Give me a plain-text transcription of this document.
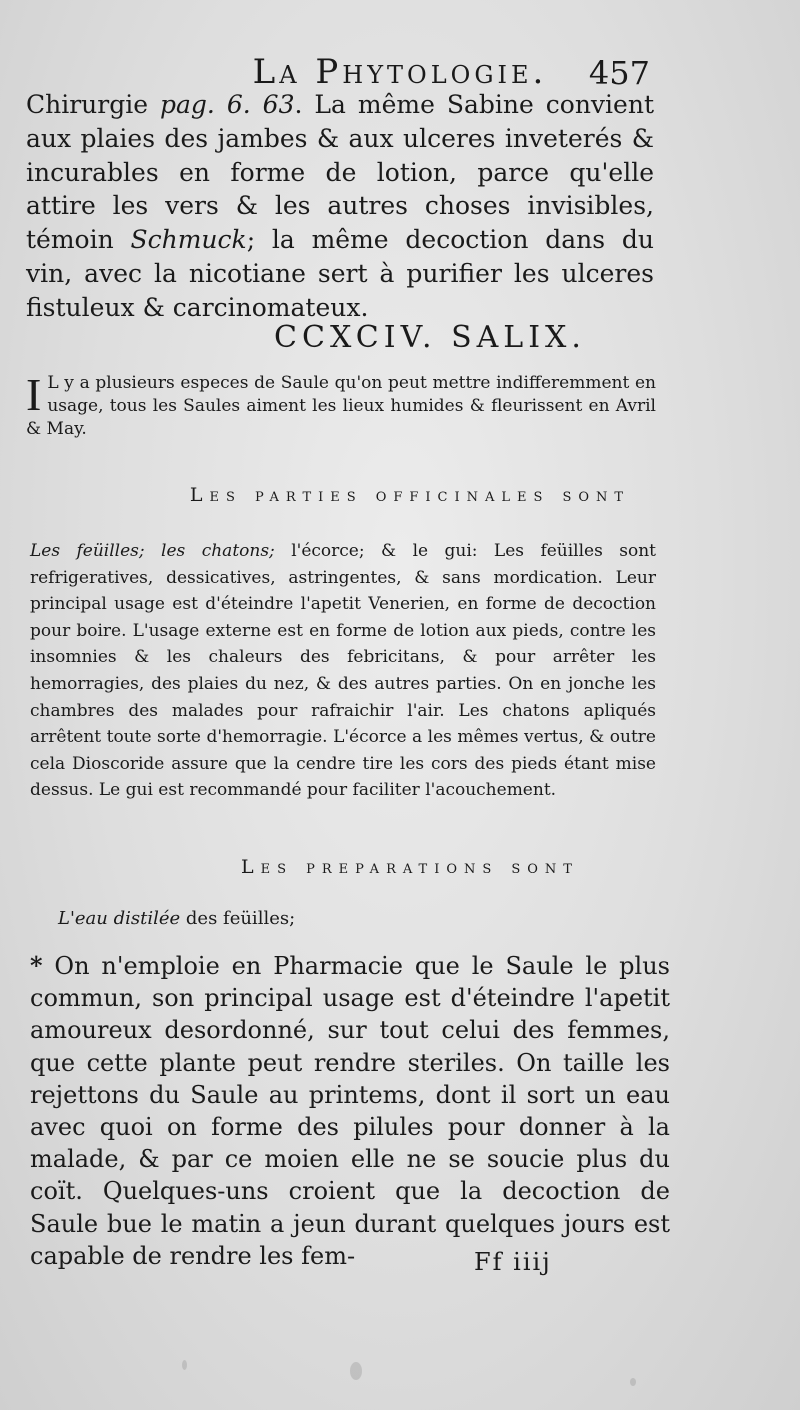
La Phytologie.	457

Chirurgie pag. 6. 63. La même Sabine convient aux plaies des jambes & aux ulceres inveterés & incurables en forme de lotion, parce qu'elle attire les vers & les autres choses invisibles, témoin Schmuck; la même decoction dans du vin, avec la nicotiane sert à purifier les ulceres fistuleux & carcinomateux.

CCXCIV. SALIX.

I L y a plusieurs especes de Saule qu'on peut mettre indifferemment en usage, tous les Saules aiment les lieux humides & fleurissent en Avril & May.

Les parties officinales sont

Les feüilles; les chatons; l'écorce; & le gui: Les feüilles sont refrigeratives, dessicatives, astringentes, & sans mordication. Leur principal usage est d'éteindre l'apetit Venerien, en forme de decoction pour boire. L'usage externe est en forme de lotion aux pieds, contre les insomnies & les chaleurs des febricitans, & pour arrêter les hemorragies, des plaies du nez, & des autres parties. On en jonche les chambres des malades pour rafraichir l'air. Les chatons apliqués arrêtent toute sorte d'hemorragie. L'écorce a les mêmes vertus, & outre cela Dioscoride assure que la cendre tire les cors des pieds étant mise dessus. Le gui est recommandé pour faciliter l'acouchement.

Les preparations sont
L'eau distilée des feüilles;

* On n'emploie en Pharmacie que le Saule le plus commun, son principal usage est d'éteindre l'apetit amoureux desordonné, sur tout celui des femmes, que cette plante peut rendre steriles. On taille les rejettons du Saule au printems, dont il sort un eau avec quoi on forme des pilules pour donner à la malade, & par ce moien elle ne se soucie plus du coït. Quelques-uns croient que la decoction de Saule bue le matin a jeun durant quelques jours est capable de rendre les fem-	Ff iiij
